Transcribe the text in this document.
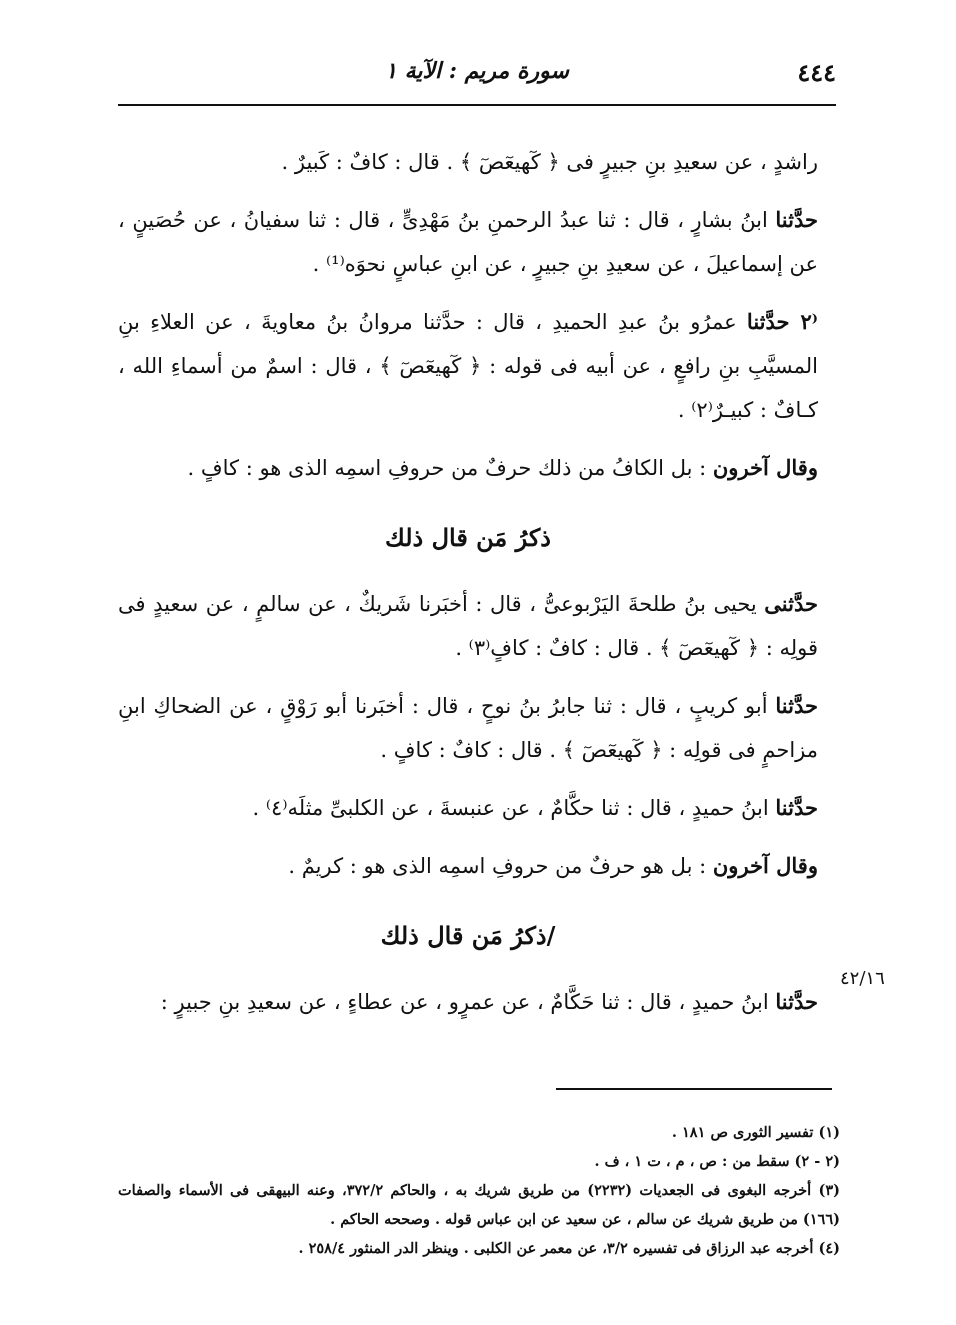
٤٤٤
سورة مريم : الآية ١

راشدٍ ، عن سعيدِ بنِ جبيرٍ فى ﴿ كٓهيعٓصٓ ﴾ . قال : كافٌ : كَبيرٌ .

حدَّثنا ابنُ بشارٍ ، قال : ثنا عبدُ الرحمنِ بنُ مَهْدِىٍّ ، قال : ثنا سفيانُ ، عن حُصَينٍ ، عن إسماعيلَ ، عن سعيدِ بنِ جبيرٍ ، عن ابنِ عباسٍ نحوَه⁽¹⁾ .

⁽٢ حدَّثنا عمرُو بنُ عبدِ الحميدِ ، قال : حدَّثنا مروانُ بنُ معاويةَ ، عن العلاءِ بنِ المسيَّبِ بنِ رافعٍ ، عن أبيه فى قوله : ﴿ كٓهيعٓصٓ ﴾ ، قال : اسمٌ من أسماءِ الله ، كـافٌ : كبيـرٌ⁽٢⁾ .

وقال آخرون : بل الكافُ من ذلك حرفٌ من حروفِ اسمِه الذى هو : كافٍ .

ذكرُ مَن قال ذلك

حدَّثنى يحيى بنُ طلحةَ اليَرْبوعىُّ ، قال : أخبَرنا شَريكٌ ، عن سالمٍ ، عن سعيدٍ فى قولِه : ﴿ كٓهيعٓصٓ ﴾ . قال : كافٌ : كافٍ⁽٣⁾ .

حدَّثنا أبو كريبٍ ، قال : ثنا جابرُ بنُ نوحٍ ، قال : أخبَرنا أبو رَوْقٍ ، عن الضحاكِ ابنِ مزاحمٍ فى قولِه : ﴿ كٓهيعٓصٓ ﴾ . قال : كافٌ : كافٍ .

حدَّثنا ابنُ حميدٍ ، قال : ثنا حكَّامٌ ، عن عنبسةَ ، عن الكلبىِّ مثلَه⁽٤⁾ .

وقال آخرون : بل هو حرفٌ من حروفِ اسمِه الذى هو : كريمٌ .

/ذكرُ مَن قال ذلك

حدَّثنا ابنُ حميدٍ ، قال : ثنا حَكَّامٌ ، عن عمرٍو ، عن عطاءٍ ، عن سعيدِ بنِ جبيرٍ :

٤٢/١٦

(١) تفسير الثورى ص ١٨١ .

(٢ - ٢) سقط من : ص ، م ، ت ١ ، ف .

(٣) أخرجه البغوى فى الجعديات (٢٢٣٢) من طريق شريك به ، والحاكم ٣٧٢/٢، وعنه البيهقى فى الأسماء والصفات (١٦٦) من طريق شريك عن سالم ، عن سعيد عن ابن عباس قوله . وصححه الحاكم .

(٤) أخرجه عبد الرزاق فى تفسيره ٣/٢، عن معمر عن الكلبى . وينظر الدر المنثور ٢٥٨/٤ .
